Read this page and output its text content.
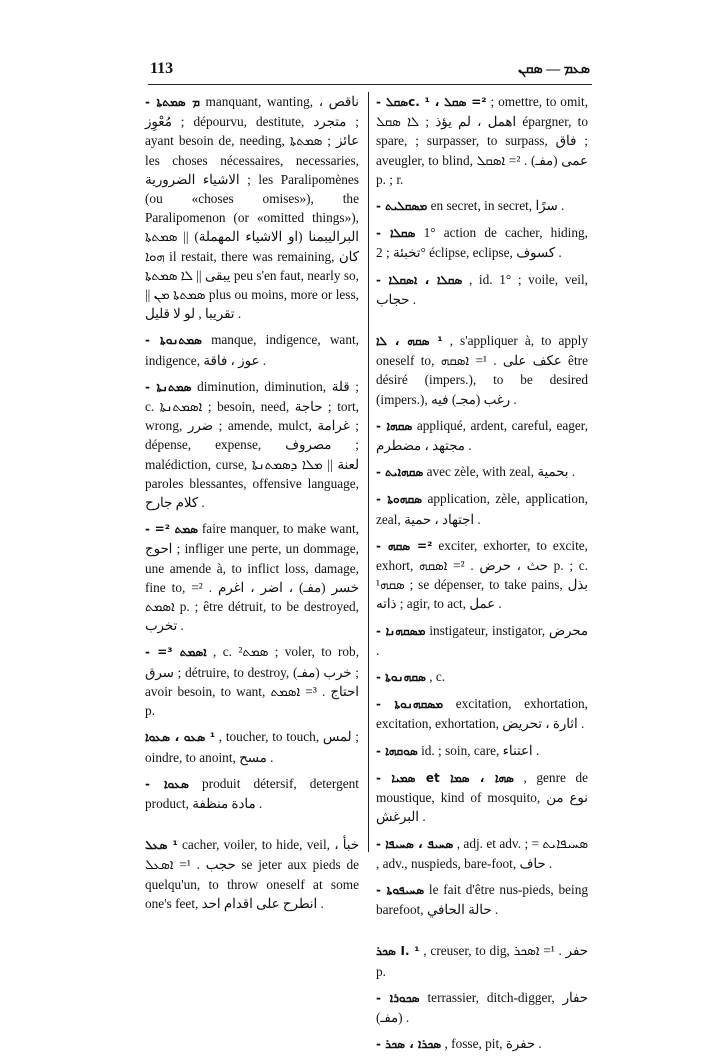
113	ܣܥܡ — ܣܩܢ
ܡ ܣܡܬܬܐ - manquant, wanting, ناقص ، مُعْوِز ; dépourvu, destitute, متجرد ; ayant besoin de, needing, عائز ; ܣܡܬܬܐ les choses nécessaires, necessaries, الاشياء الضرورية ; les Paralipomènes (ou «choses omises»), the Paralipomenon (or «omitted things»), البراليبمنا (او الاشياء المهملة) || ܣܡܬܬܐ ܗܘܐ il restait, there was remaining, كان يبقى || ܠܐ ܣܡܬܬܐ peu s'en faut, nearly so, || ܣܡܬܬܐ ܡܢ plus ou moins, more or less, تقريبا , لو لا قليل .
ܣܡܬܢܘܬܐ - manque, indigence, want, indigence, عوز ، فاقة .
ܣܡܬܢܬܐ - diminution, diminution, قلة ; c. ܐܣܡܬܢܬܐ ; besoin, need, حاجة ; tort, wrong, ضرر ; amende, mulct, غرامة ; dépense, expense, مصروف ; malédiction, curse, لعنة || ܡܠܐ ܕܣܡܬܢܬܐ paroles blessantes, offensive language, كلام جارح .
ܣܡܬ ²= - faire manquer, to make want, احوج ; infliger une perte, un dommage, une amende à, to inflict loss, damage, fine to, خسر (مفـ) ، اضر ، اغرم . ²= ܐܣܡܬ p. ; être détruit, to be destroyed, تخرب .
ܐܣܡܬ ³= - , c. ²ܣܡܬ ; voler, to rob, سرق ; détruire, to destroy, خرب (مفـ) ; avoir besoin, to want, احتاج . ³= ܐܣܡܬ p.
¹ ܣܥܘ ، ܣܥܘܐ , toucher, to touch, لمس ; oindre, to anoint, مسح .
ܣܥܘܐ - produit détersif, detergent product, مادة منظفة .
¹ ܣܥܠ cacher, voiler, to hide, veil, خبأ ، حجب . ¹= ܐܣܥܠ se jeter aux pieds de quelqu'un, to throw oneself at some one's feet, انطرح على اقدام احد .
²= ܣܩܠ ، c. ¹ܣܩܠ - ; omettre, to omit, اهمل ، لم يؤذ ; ܠܐ ܣܩܠ épargner, to spare, ; surpasser, to surpass, فاق ; aveugler, to blind, عمى (مفـ) . ²= ܐܣܩܠ p. ; r.
ܡܣܩܠܝܬ - en secret, in secret, سرًا .
ܣܩܠܐ - 1° action de cacher, hiding, تخبئة ; 2° éclipse, eclipse, كسوف .
ܣܩܠܐ ، ܐܣܩܠܐ - , id. 1° ; voile, veil, حجاب .
¹ ܣܩܗ ، ܠܐ , s'appliquer à, to apply oneself to, عكف على . ¹= ܐܣܩܗ être désiré (impers.), to be desired (impers.), رغب (مجـ) فيه .
ܣܩܗܐ - appliqué, ardent, careful, eager, مجتهد ، مضطرم .
ܣܩܗܐܝܬ - avec zèle, with zeal, بحمية .
ܣܩܗܘܬܐ - application, zèle, application, zeal, اجتهاد ، حمية .
²= ܣܩܗ - exciter, exhorter, to excite, exhort, حث ، حرض . ²= ܐܣܩܗ p. ; c. ¹ܣܩܗ ; se dépenser, to take pains, بذل ذاته ; agir, to act, عمل .
ܡܣܩܗܢܐ - instigateur, instigator, محرض .
ܣܩܗܢܘܬܐ - , c.
ܡܣܩܗܢܘܬܐ - excitation, exhortation, excitation, exhortation, اثارة ، تحريض .
ܣܘܩܗܐ - id. ; soin, care, اعتناء .
ܣܗܐ ، ܣܡܐ et ܣܡܝܐ - , genre de moustique, kind of mosquito, نوع من البرغش .
ܣܚܝܦ ، ܣܚܝܦܐ - , adj. et adv. ; = ܣܚܝܦܐܝܬ , adv., nuspieds, bare-foot, حاف .
ܣܚܝܦܘܬܐ - le fait d'être nus-pieds, being barefoot, حالة الحافي .
I. ¹ ܣܟܪ , creuser, to dig, حفر . ¹= ܐܣܟܪ p.
ܣܟܘܪܐ - terrassier, ditch-digger, حفار (مفـ) .
ܣܟܪܐ ، ܣܟܪ - , fosse, pit, حفرة .
